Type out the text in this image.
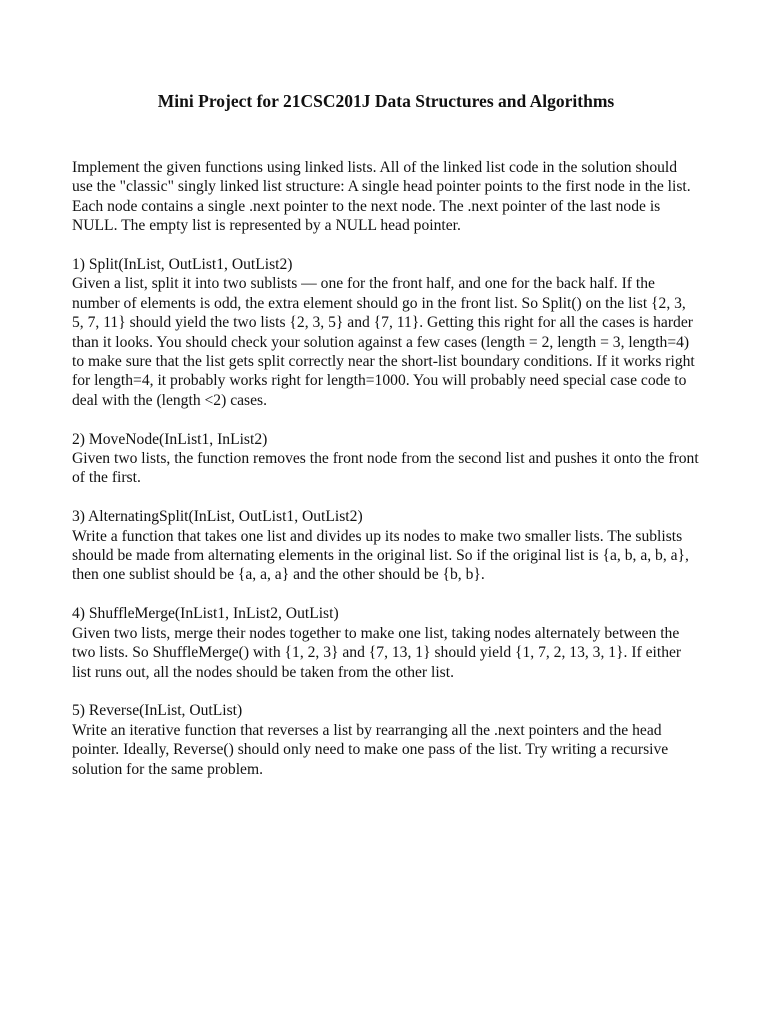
Mini Project for 21CSC201J Data Structures and Algorithms

Implement the given functions using linked lists. All of the linked list code in the solution should use the "classic" singly linked list structure: A single head pointer points to the first node in the list. Each node contains a single .next pointer to the next node. The .next pointer of the last node is NULL. The empty list is represented by a NULL head pointer.

1) Split(InList, OutList1, OutList2)
Given a list, split it into two sublists — one for the front half, and one for the back half. If the number of elements is odd, the extra element should go in the front list. So Split() on the list {2, 3, 5, 7, 11} should yield the two lists {2, 3, 5} and {7, 11}. Getting this right for all the cases is harder than it looks. You should check your solution against a few cases (length = 2, length = 3, length=4) to make sure that the list gets split correctly near the short-list boundary conditions. If it works right for length=4, it probably works right for length=1000. You will probably need special case code to deal with the (length <2) cases.
2) MoveNode(InList1, InList2)
Given two lists, the function removes the front node from the second list and pushes it onto the front of the first.
3) AlternatingSplit(InList, OutList1, OutList2)
Write a function that takes one list and divides up its nodes to make two smaller lists. The sublists should be made from alternating elements in the original list. So if the original list is {a, b, a, b, a}, then one sublist should be {a, a, a} and the other should be {b, b}.
4) ShuffleMerge(InList1, InList2, OutList)
Given two lists, merge their nodes together to make one list, taking nodes alternately between the two lists. So ShuffleMerge() with {1, 2, 3} and {7, 13, 1} should yield {1, 7, 2, 13, 3, 1}. If either list runs out, all the nodes should be taken from the other list.
5) Reverse(InList, OutList)
Write an iterative function that reverses a list by rearranging all the .next pointers and the head pointer. Ideally, Reverse() should only need to make one pass of the list. Try writing a recursive solution for the same problem.
